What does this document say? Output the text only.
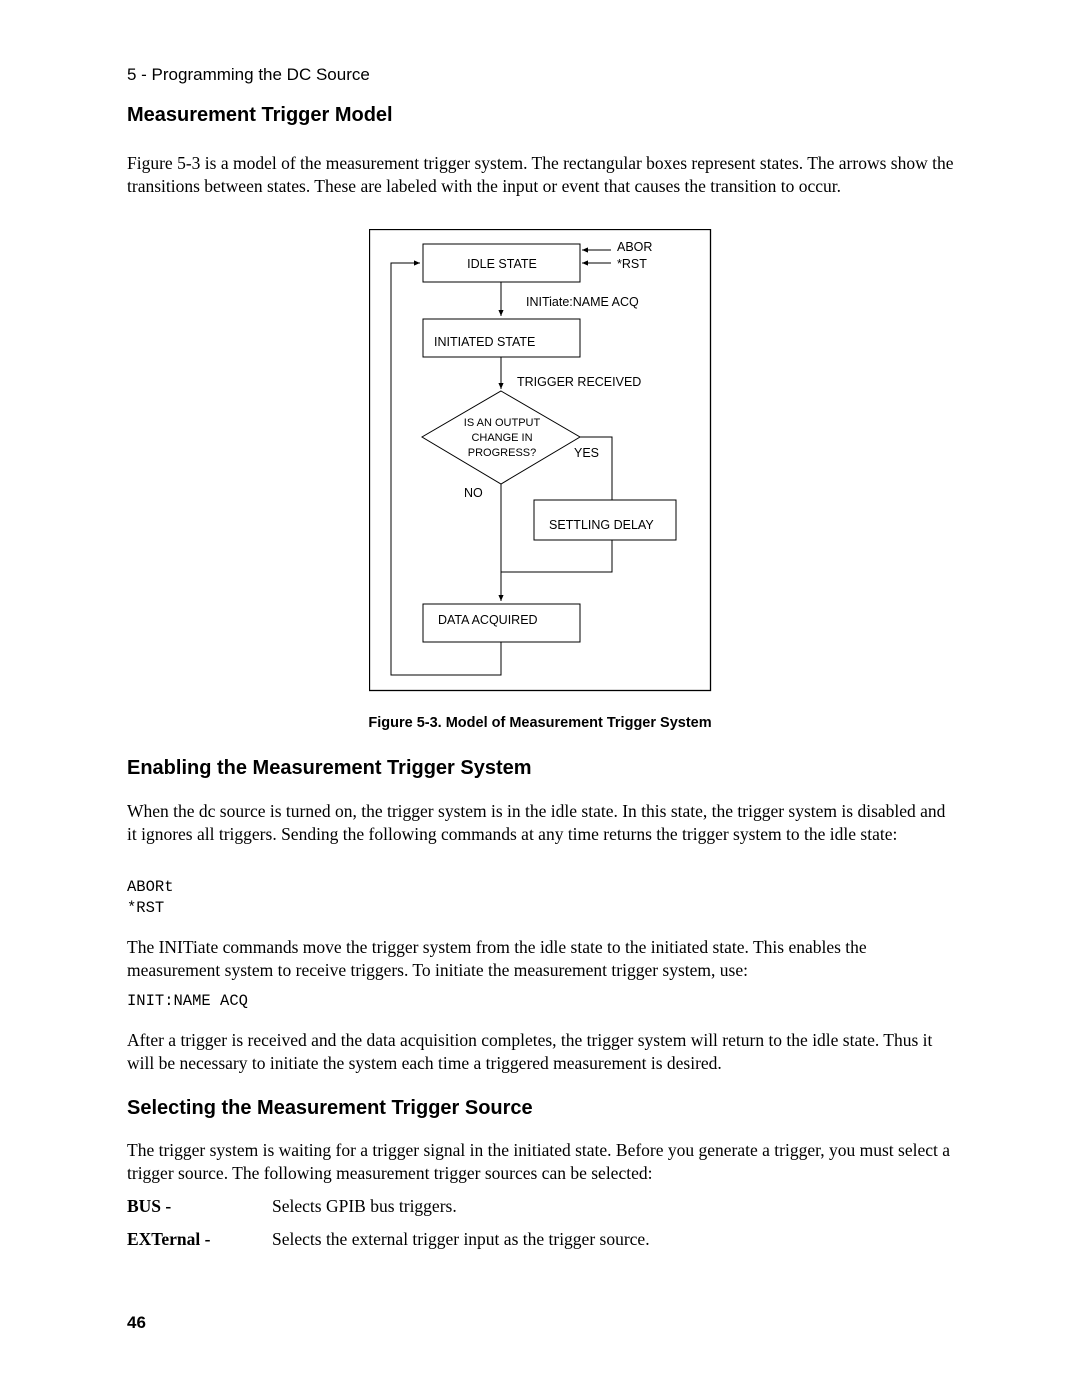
5 - Programming the DC Source
Measurement Trigger Model

Figure 5-3 is a model of the measurement trigger system. The rectangular boxes represent states. The arrows show the transitions between states. These are labeled with the input or event that causes the transition to occur.

IDLE STATE
ABOR
*RST
INITiate:NAME ACQ
INITIATED STATE
TRIGGER RECEIVED
IS AN OUTPUT
CHANGE IN
PROGRESS?	YES
SETTLING DELAY
NO
DATA ACQUIRED
Figure 5-3. Model of Measurement Trigger System
Enabling the Measurement Trigger System

When the dc source is turned on, the trigger system is in the idle state. In this state, the trigger system is disabled and it ignores all triggers. Sending the following commands at any time returns the trigger system to the idle state:

ABORt
*RST

The INITiate commands move the trigger system from the idle state to the initiated state. This enables the measurement system to receive triggers. To initiate the measurement trigger system, use:

INIT:NAME ACQ

After a trigger is received and the data acquisition completes, the trigger system will return to the idle state. Thus it will be necessary to initiate the system each time a triggered measurement is desired.

Selecting the Measurement Trigger Source

The trigger system is waiting for a trigger signal in the initiated state. Before you generate a trigger, you must select a trigger source. The following measurement trigger sources can be selected:

BUS -	Selects GPIB bus triggers.
EXTernal -	Selects the external trigger input as the trigger source.
46
